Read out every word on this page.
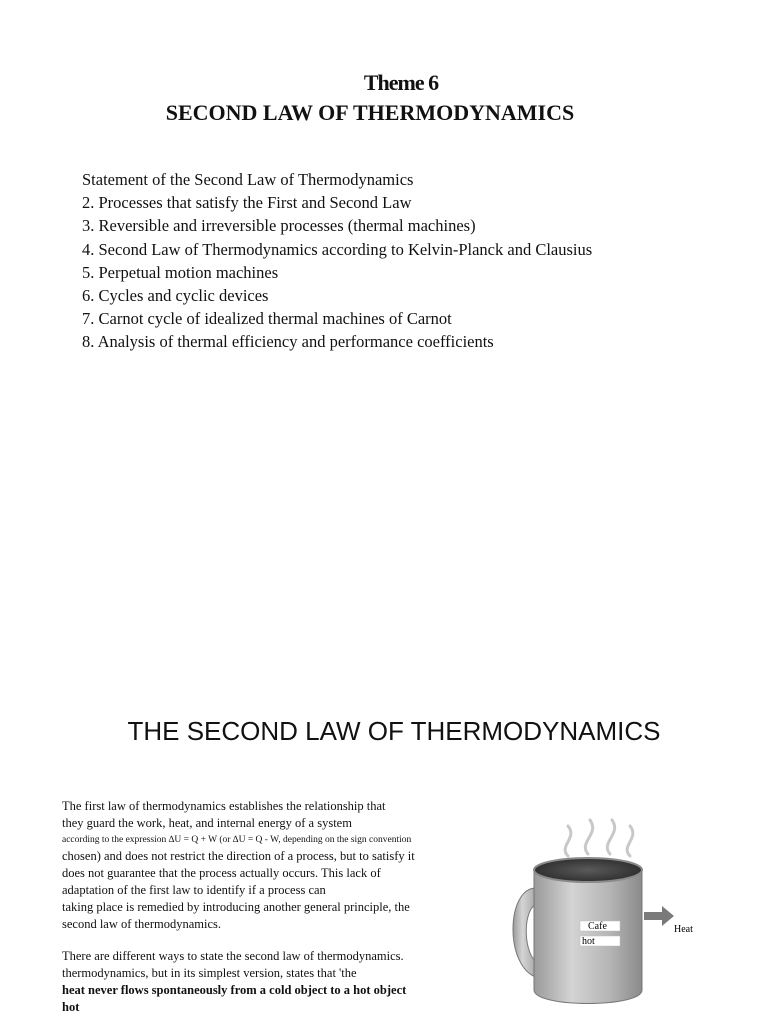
Theme 6
SECOND LAW OF THERMODYNAMICS
Statement of the Second Law of Thermodynamics
2. Processes that satisfy the First and Second Law
3. Reversible and irreversible processes (thermal machines)
4. Second Law of Thermodynamics according to Kelvin-Planck and Clausius
5. Perpetual motion machines
6. Cycles and cyclic devices
7. Carnot cycle of idealized thermal machines of Carnot
8. Analysis of thermal efficiency and performance coefficients
THE SECOND LAW OF THERMODYNAMICS

The first law of thermodynamics establishes the relationship that

they guard the work, heat, and internal energy of a system

according to the expression ∆U = Q + W (or ∆U = Q - W, depending on the sign convention

chosen) and does not restrict the direction of a process, but to satisfy it

does not guarantee that the process actually occurs. This lack of

adaptation of the first law to identify if a process can

taking place is remedied by introducing another general principle, the

second law of thermodynamics.

There are different ways to state the second law of thermodynamics.

thermodynamics, but in its simplest version, states that 'the

heat never flows spontaneously from a cold object to a hot object

hot

Cafe
hot
Heat
